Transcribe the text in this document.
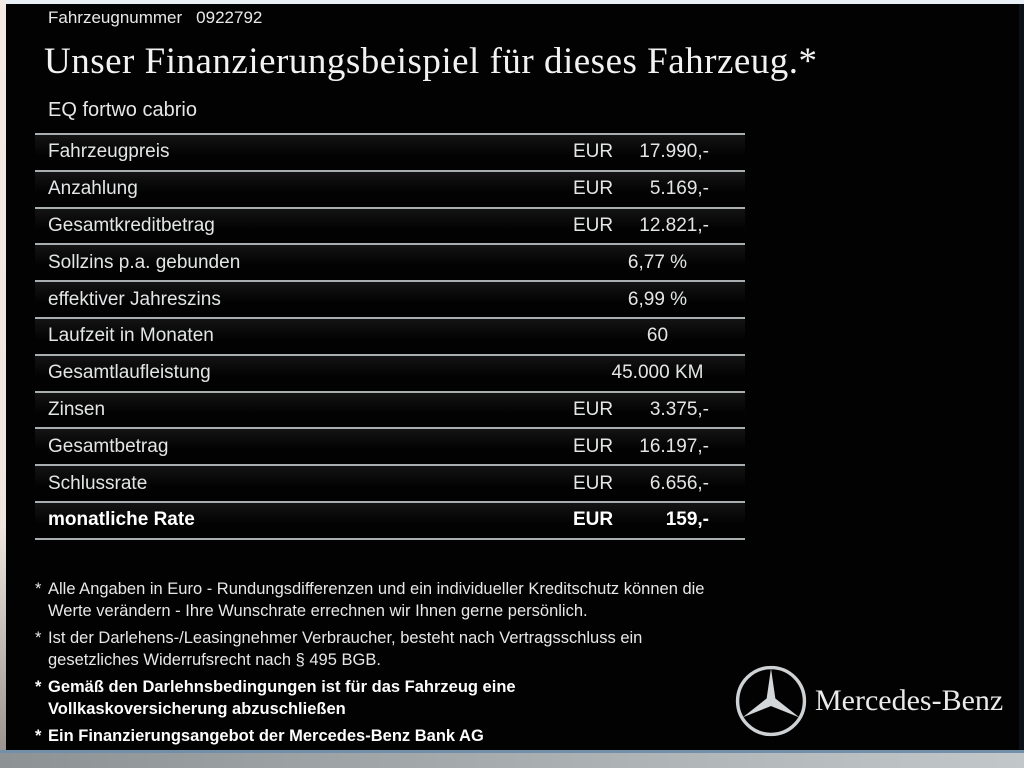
Fahrzeugnummer 0922792
Unser Finanzierungsbeispiel für dieses Fahrzeug.*
EQ fortwo cabrio
Fahrzeugpreis	EUR 17.990,-
Anzahlung	EUR 5.169,-
Gesamtkreditbetrag	EUR 12.821,-
Sollzins p.a. gebunden	6,77 %
effektiver Jahreszins	6,99 %
Laufzeit in Monaten	60
Gesamtlaufleistung	45.000 KM
Zinsen	EUR 3.375,-
Gesamtbetrag	EUR 16.197,-
Schlussrate	EUR 6.656,-
monatliche Rate	EUR	159,-
* Alle Angaben in Euro - Rundungsdifferenzen und ein individueller Kreditschutz können die
Werte verändern - Ihre Wunschrate errechnen wir Ihnen gerne persönlich.
* Ist der Darlehens-/Leasingnehmer Verbraucher, besteht nach Vertragsschluss ein
gesetzliches Widerrufsrecht nach § 495 BGB.
* Gemäß den Darlehnsbedingungen ist für das Fahrzeug eine
Vollkaskoversicherung abzuschließen
* Ein Finanzierungsangebot der Mercedes-Benz Bank AG
Mercedes-Benz
